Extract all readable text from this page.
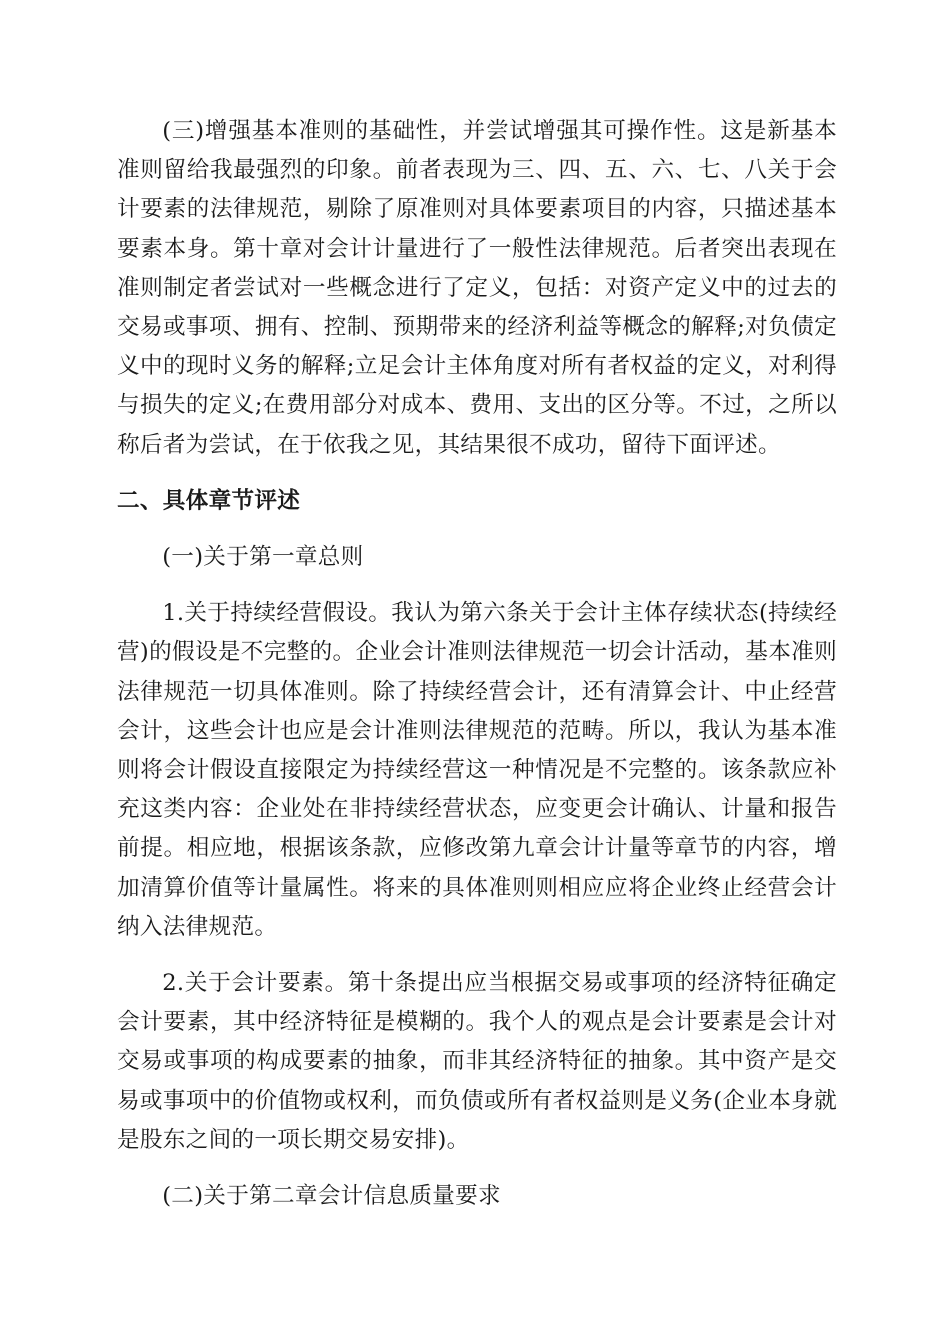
(三)增强基本准则的基础性，并尝试增强其可操作性。这是新基本准则留给我最强烈的印象。前者表现为三、四、五、六、七、八关于会计要素的法律规范，剔除了原准则对具体要素项目的内容，只描述基本要素本身。第十章对会计计量进行了一般性法律规范。后者突出表现在准则制定者尝试对一些概念进行了定义，包括：对资产定义中的过去的交易或事项、拥有、控制、预期带来的经济利益等概念的解释;对负债定义中的现时义务的解释;立足会计主体角度对所有者权益的定义，对利得与损失的定义;在费用部分对成本、费用、支出的区分等。不过，之所以称后者为尝试，在于依我之见，其结果很不成功，留待下面评述。

二、具体章节评述

(一)关于第一章总则

1.关于持续经营假设。我认为第六条关于会计主体存续状态(持续经营)的假设是不完整的。企业会计准则法律规范一切会计活动，基本准则法律规范一切具体准则。除了持续经营会计，还有清算会计、中止经营会计，这些会计也应是会计准则法律规范的范畴。所以，我认为基本准则将会计假设直接限定为持续经营这一种情况是不完整的。该条款应补充这类内容：企业处在非持续经营状态，应变更会计确认、计量和报告前提。相应地，根据该条款，应修改第九章会计计量等章节的内容，增加清算价值等计量属性。将来的具体准则则相应应将企业终止经营会计纳入法律规范。

2.关于会计要素。第十条提出应当根据交易或事项的经济特征确定会计要素，其中经济特征是模糊的。我个人的观点是会计要素是会计对交易或事项的构成要素的抽象，而非其经济特征的抽象。其中资产是交易或事项中的价值物或权利，而负债或所有者权益则是义务(企业本身就是股东之间的一项长期交易安排)。

(二)关于第二章会计信息质量要求
